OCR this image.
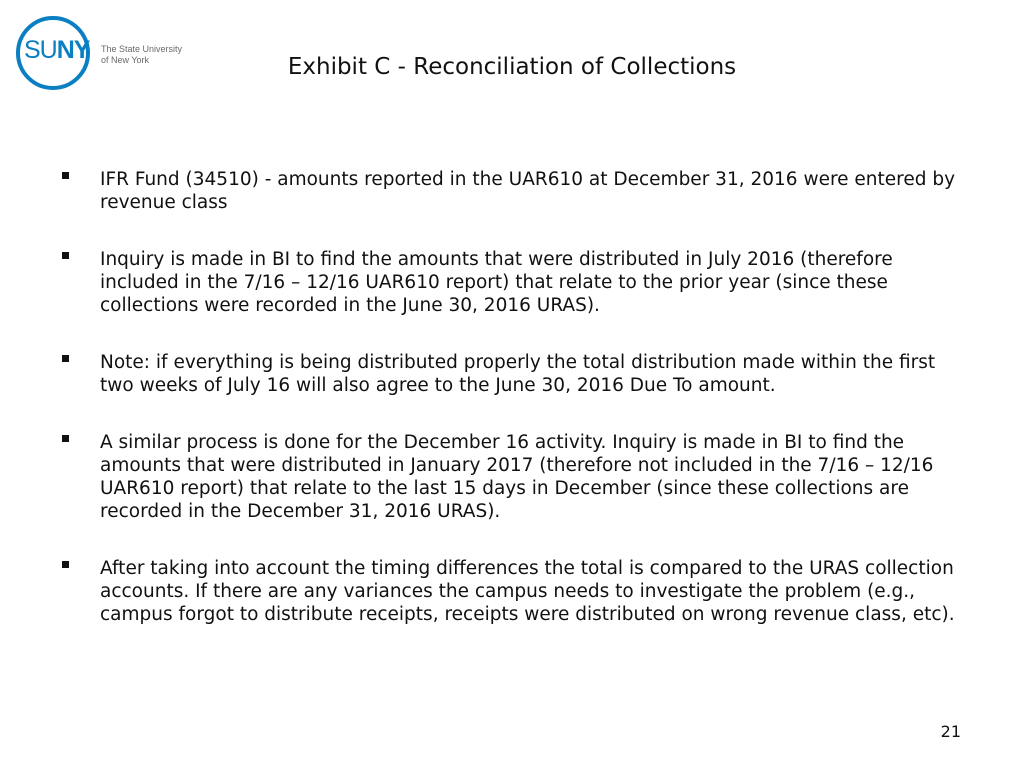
SUNY The State University
of New York	Exhibit C - Reconciliation of Collections
IFR Fund (34510) - amounts reported in the UAR610 at December 31, 2016 were entered by revenue class
Inquiry is made in BI to find the amounts that were distributed in July 2016 (therefore included in the 7/16 – 12/16 UAR610 report) that relate to the prior year (since these collections were recorded in the June 30, 2016 URAS).
Note: if everything is being distributed properly the total distribution made within the first two weeks of July 16 will also agree to the June 30, 2016 Due To amount.
A similar process is done for the December 16 activity. Inquiry is made in BI to find the amounts that were distributed in January 2017 (therefore not included in the 7/16 – 12/16 UAR610 report) that relate to the last 15 days in December (since these collections are recorded in the December 31, 2016 URAS).
After taking into account the timing differences the total is compared to the URAS collection accounts. If there are any variances the campus needs to investigate the problem (e.g., campus forgot to distribute receipts, receipts were distributed on wrong revenue class, etc).
21
